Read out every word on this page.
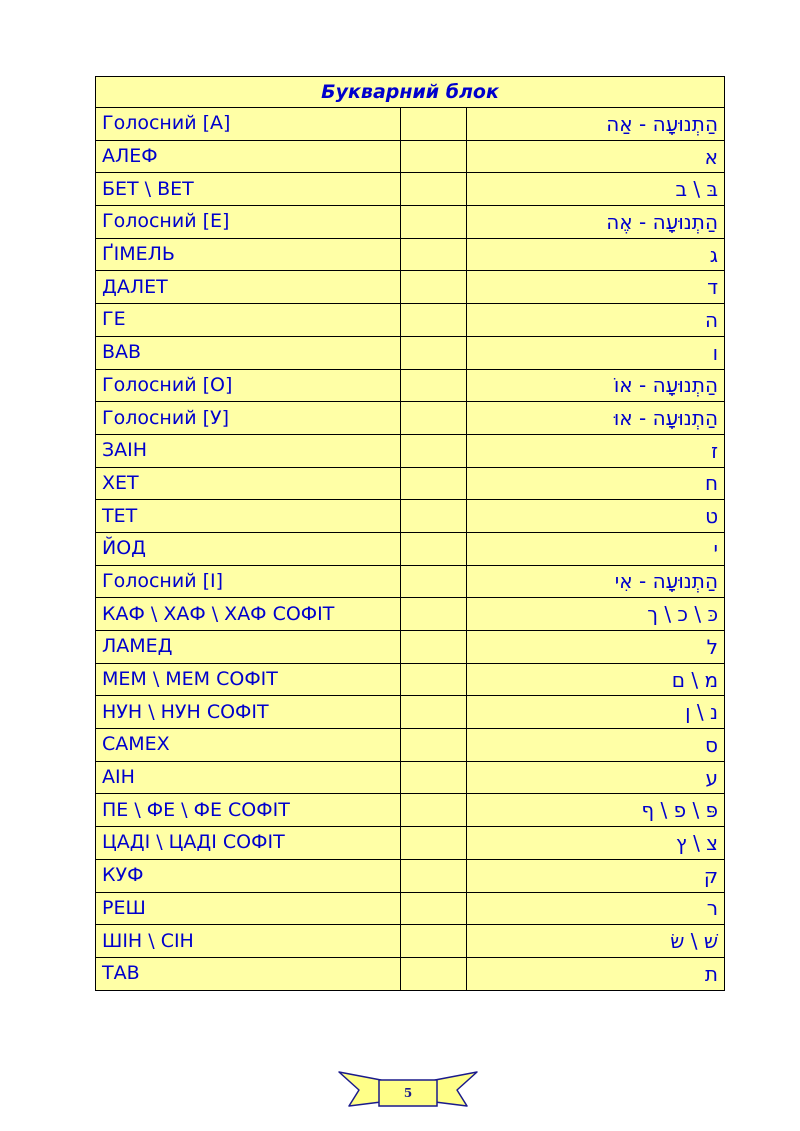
Букварний блок		
Голосний [А]		הַתְנוּעָה - אַה
АЛЕФ		א
БЕТ \ ВЕТ		בּ \ ב
Голосний [Е]		הַתְנוּעָה - אֶה
ҐІМЕЛЬ		ג
ДАЛЕТ		ד
ГЕ		ה
ВАВ		ו
Голосний [О]		הַתְנוּעָה - אוֹ
Голосний [У]		הַתְנוּעָה - אוּ
ЗАІН		ז
ХЕТ		ח
ТЕТ		ט
ЙОД		י
Голосний [І]		הַתְנוּעָה - אִי
КАФ \ ХАФ \ ХАФ СОФІТ		כּ \ כ \ ך
ЛАМЕД		ל
МЕМ \ МЕМ СОФІТ		מ \ ם
НУН \ НУН СОФІТ		נ \ ן
САМЕХ		ס
АІН		ע
ПЕ \ ФЕ \ ФЕ СОФІТ		פּ \ פ \ ף
ЦАДІ \ ЦАДІ СОФІТ		צ \ ץ
КУФ		ק
РЕШ		ר
ШІН \ СІН		שׁ \ שׂ
ТАВ		ת
5
